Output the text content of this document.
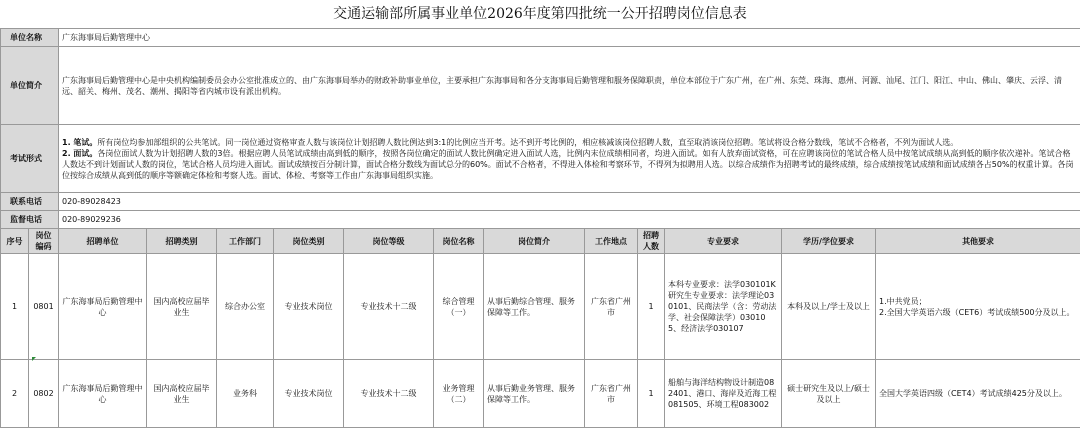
交通运输部所属事业单位2026年度第四批统一公开招聘岗位信息表
单位名称		广东海事局后勤管理中心											
单位简介		广东海事局后勤管理中心是中央机构编制委员会办公室批准成立的、由广东海事局举办的财政补助事业单位，主要承担广东海事局和各分支海事局后勤管理和服务保障职责，单位本部位于广东广州，在广州、东莞、珠海、惠州、河源、汕尾、江门、阳江、中山、佛山、肇庆、云浮、清远、韶关、梅州、茂名、潮州、揭阳等省内城市设有派出机构。											
考试形式		1. 笔试。所有岗位均参加部组织的公共笔试。同一岗位通过资格审查人数与该岗位计划招聘人数比例达到3:1的比例应当开考。达不到开考比例的，相应核减该岗位招聘人数，直至取消该岗位招聘。笔试将设合格分数线，笔试不合格者，不列为面试人选。

2. 面试。各岗位面试人数为计划招聘人数的3倍。根据应聘人员笔试成绩由高到低的顺序，按照各岗位确定的面试人数比例确定进入面试人选，比例内末位成绩相同者，均进入面试。如有人放弃面试资格，可在应聘该岗位的笔试合格人员中按笔试成绩从高到低的顺序依次递补。笔试合格人数达不到计划面试人数的岗位，笔试合格人员均进入面试。面试成绩按百分制计算，面试合格分数线为面试总分的60%。面试不合格者，不得进入体检和考察环节，不得列为拟聘用人选。以综合成绩作为招聘考试的最终成绩，综合成绩按笔试成绩和面试成绩各占50%的权重计算。各岗位按综合成绩从高到低的顺序等额确定体检和考察人选。面试、体检、考察等工作由广东海事局组织实施。											

联系电话		020-89028423											
监督电话		020-89029236											
序号	岗位编码	招聘单位	招聘类别	工作部门	岗位类别	岗位等级	岗位名称	岗位简介	工作地点	招聘人数	专业要求	学历/学位要求	其他要求
1	0801	广东海事局后勤管理中心	国内高校应届毕业生	综合办公室	专业技术岗位	专业技术十二级	综合管理（一）	从事后勤综合管理、服务保障等工作。	广东省广州市	1	本科专业要求：法学030101K
研究生专业要求：法学理论030101、民商法学（含：劳动法学、社会保障法学）030105、经济法学030107	本科及以上/学士及以上	1.中共党员；
2.全国大学英语六级（CET6）考试成绩500分及以上。
2	0802	广东海事局后勤管理中心	国内高校应届毕业生	业务科	专业技术岗位	专业技术十二级	业务管理（二）	从事后勤业务管理、服务保障等工作。	广东省广州市	1	船舶与海洋结构物设计制造082401、港口、海岸及近海工程081505、环境工程083002	硕士研究生及以上/硕士及以上	全国大学英语四级（CET4）考试成绩425分及以上。
